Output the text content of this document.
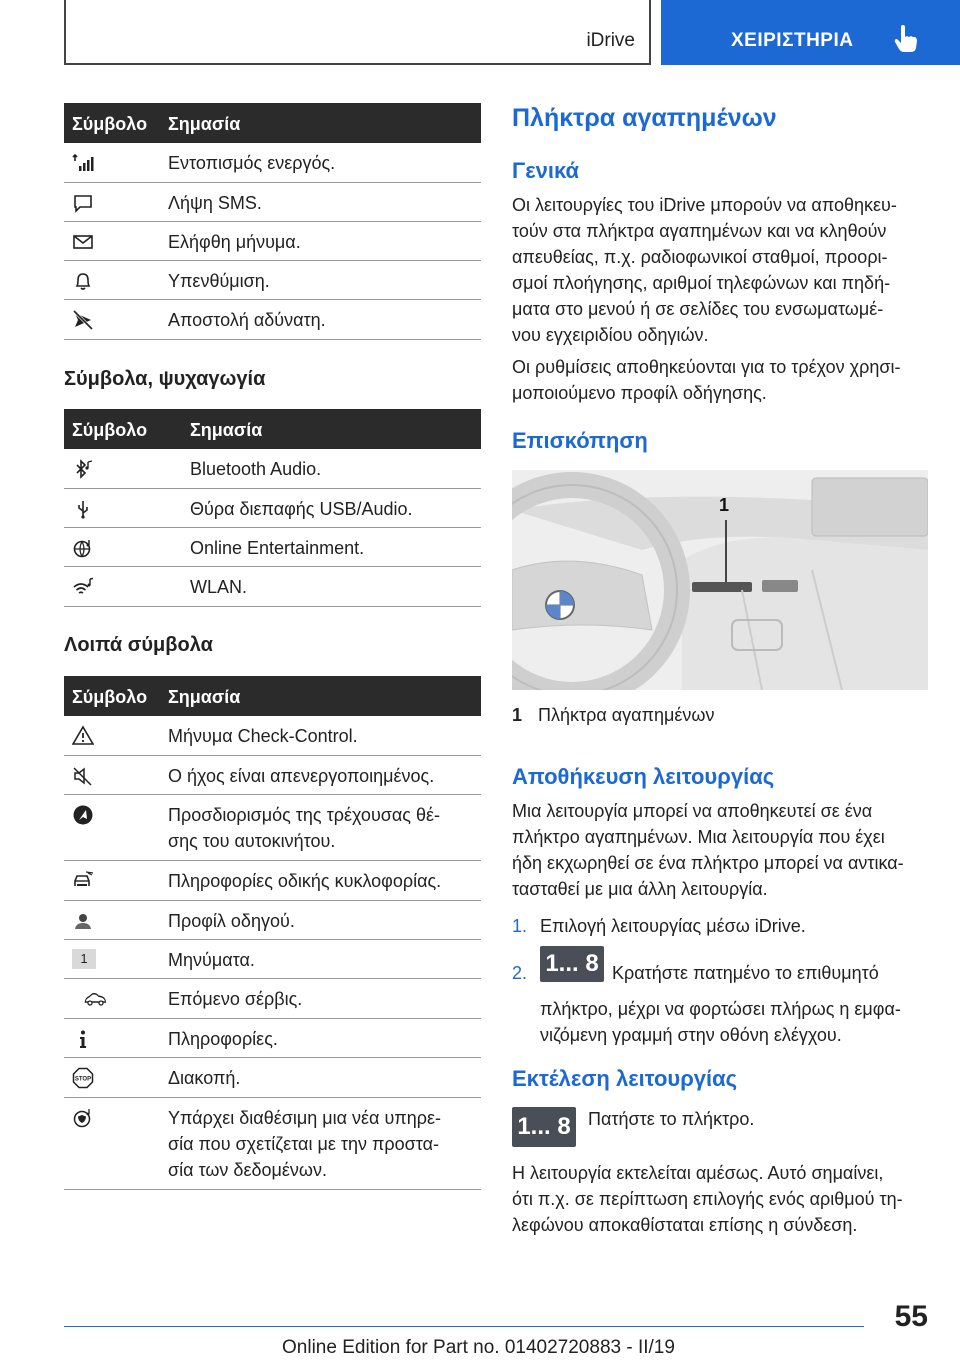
iDrive	ΧΕΙΡΙΣΤΗΡΙΑ
Σύμβολο Σημασία
Εντοπισμός ενεργός.
Λήψη SMS.
Ελήφθη μήνυμα.
Υπενθύμιση.
Αποστολή αδύνατη.
Σύμβολα, ψυχαγωγία
Σύμβολο Σημασία
Bluetooth Audio.
Θύρα διεπαφής USB/Audio.
Online Entertainment.
WLAN.
Λοιπά σύμβολα
Σύμβολο Σημασία
Μήνυμα Check-Control.
Ο ήχος είναι απενεργοποιημένος.
Προσδιορισμός της τρέχουσας θέ-
σης του αυτοκινήτου.
Πληροφορίες οδικής κυκλοφορίας.
Προφίλ οδηγού.
1	Μηνύματα.
Επόμενο σέρβις.
Πληροφορίες.
STOP	Διακοπή.
Υπάρχει διαθέσιμη μια νέα υπηρε-
σία που σχετίζεται με την προστα-
σία των δεδομένων.
Πλήκτρα αγαπημένων
Γενικά
Οι λειτουργίες του iDrive μπορούν να αποθηκευ-
τούν στα πλήκτρα αγαπημένων και να κληθούν
απευθείας, π.χ. ραδιοφωνικοί σταθμοί, προορι-
σμοί πλοήγησης, αριθμοί τηλεφώνων και πηδή-
ματα στο μενού ή σε σελίδες του ενσωματωμέ-
νου εγχειριδίου οδηγιών.
Οι ρυθμίσεις αποθηκεύονται για το τρέχον χρησι-
μοποιούμενο προφίλ οδήγησης.
Επισκόπηση
1
1 Πλήκτρα αγαπημένων
Αποθήκευση λειτουργίας
Μια λειτουργία μπορεί να αποθηκευτεί σε ένα
πλήκτρο αγαπημένων. Μια λειτουργία που έχει
ήδη εκχωρηθεί σε ένα πλήκτρο μπορεί να αντικα-
τασταθεί με μια άλλη λειτουργία.
1. Επιλογή λειτουργίας μέσω iDrive.
2. 1... 8 Κρατήστε πατημένο το επιθυμητό
πλήκτρο, μέχρι να φορτώσει πλήρως η εμφα-
νιζόμενη γραμμή στην οθόνη ελέγχου.
Εκτέλεση λειτουργίας
1... 8 Πατήστε το πλήκτρο.
Η λειτουργία εκτελείται αμέσως. Αυτό σημαίνει,
ότι π.χ. σε περίπτωση επιλογής ενός αριθμού τη-
λεφώνου αποκαθίσταται επίσης η σύνδεση.
55
Online Edition for Part no. 01402720883 - II/19
